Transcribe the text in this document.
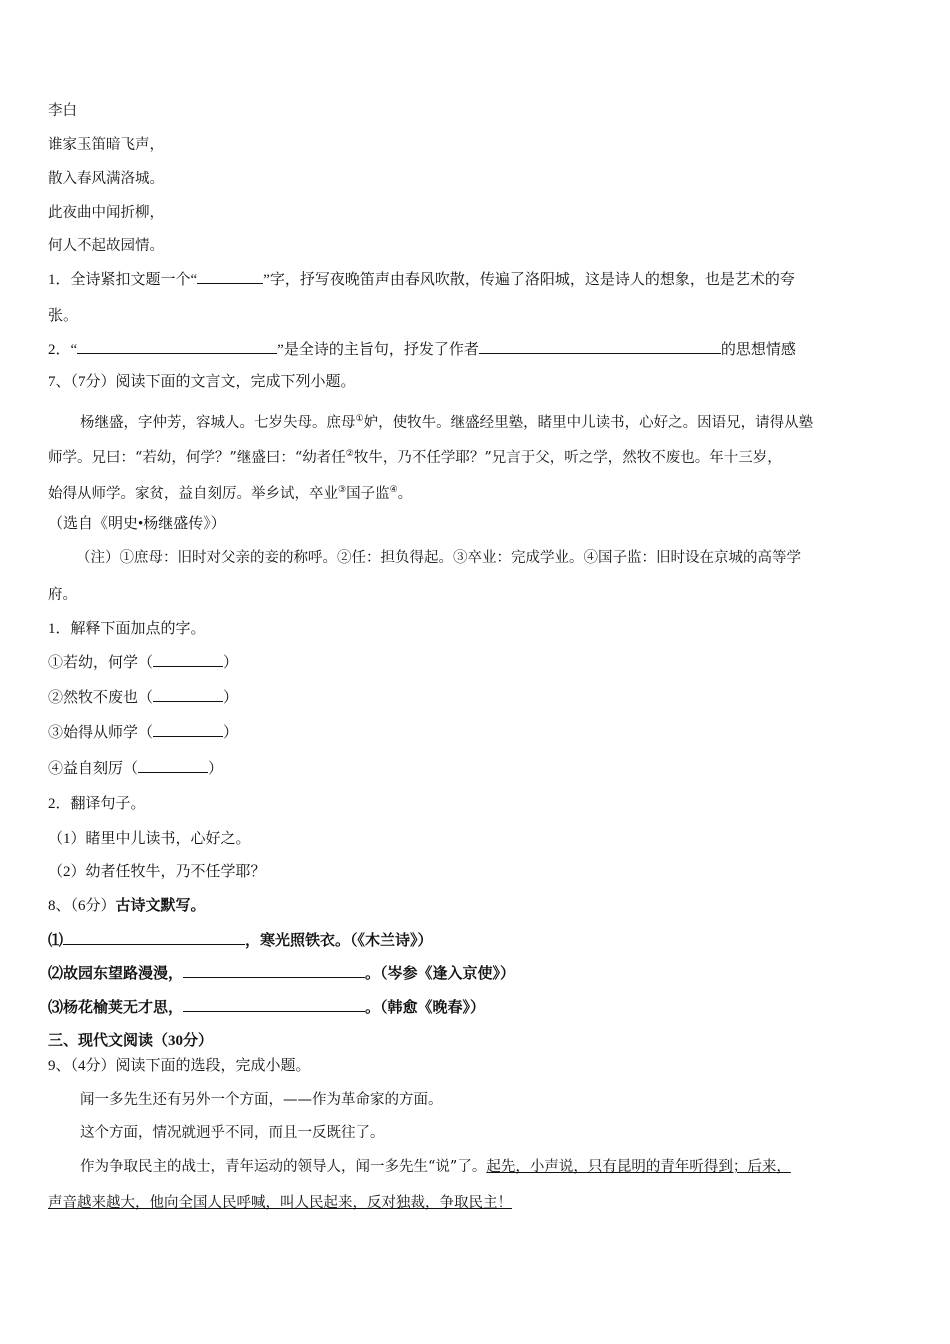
李白
谁家玉笛暗飞声，
散入春风满洛城。
此夜曲中闻折柳，
何人不起故园情。
1．全诗紧扣文题一个“	”字，抒写夜晚笛声由春风吹散，传遍了洛阳城，这是诗人的想象，也是艺术的夸
张。
2．“	”是全诗的主旨句，抒发了作者	的思想情感
7、（7分）阅读下面的文言文，完成下列小题。
杨继盛，字仲芳，容城人。七岁失母。庶母①妒，使牧牛。继盛经里塾，睹里中儿读书，心好之。因语兄，请得从塾
师学。兄曰：“若幼，何学？”继盛曰：“幼者任②牧牛，乃不任学耶？”兄言于父，听之学，然牧不废也。年十三岁，
始得从师学。家贫，益自刻厉。举乡试，卒业③国子监④。
（选自《明史•杨继盛传》）
（注）①庶母：旧时对父亲的妾的称呼。②任：担负得起。③卒业：完成学业。④国子监：旧时设在京城的高等学
府。
1．解释下面加点的字。
①若幼，何学（	）
②然牧不废也（	）
③始得从师学（	）
④益自刻厉（	）
2．翻译句子。
（1）睹里中儿读书，心好之。
（2）幼者任牧牛，乃不任学耶？
8、（6分）古诗文默写。
⑴	，寒光照铁衣。（《木兰诗》）
⑵故园东望路漫漫，	。（岑参《逢入京使》）
⑶杨花榆荚无才思，	。（韩愈《晚春》）
三、现代文阅读（30分）
9、（4分）阅读下面的选段，完成小题。
闻一多先生还有另外一个方面，——作为革命家的方面。
这个方面，情况就迥乎不同，而且一反既往了。
作为争取民主的战士，青年运动的领导人，闻一多先生“说”了。起先，小声说，只有昆明的青年听得到；后来，
声音越来越大，他向全国人民呼喊，叫人民起来，反对独裁，争取民主！
